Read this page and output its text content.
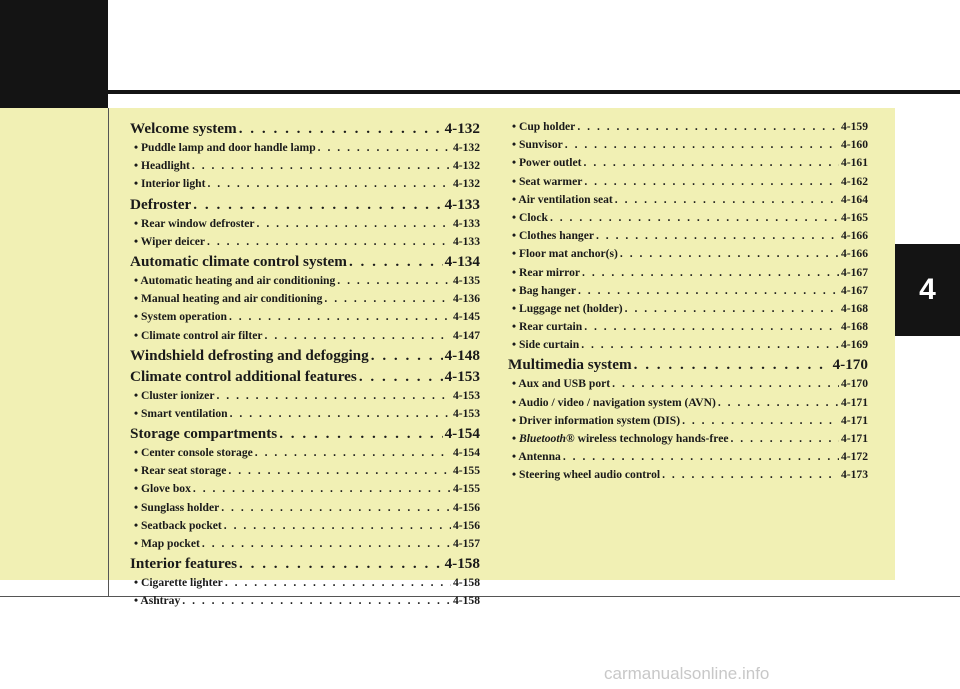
4
Welcome system . . .	4-132
• Puddle lamp and door handle lamp . . .	4-132
• Headlight . . .	4-132
• Interior light . . .	4-132
Defroster . . .	4-133
• Rear window defroster . . .	4-133
• Wiper deicer . . .	4-133
Automatic climate control system . . .	4-134
• Automatic heating and air conditioning . . .	4-135
• Manual heating and air conditioning . . .	4-136
• System operation . . .	4-145
• Climate control air filter . . .	4-147
Windshield defrosting and defogging . . .	4-148
Climate control additional features . . .	4-153
• Cluster ionizer . . .	4-153
• Smart ventilation . . .	4-153
Storage compartments . . .	4-154
• Center console storage . . .	4-154
• Rear seat storage . . .	4-155
• Glove box . . .	4-155
• Sunglass holder . . .	4-156
• Seatback pocket . . .	4-156
• Map pocket . . .	4-157
Interior features . . .	4-158
• Cigarette lighter . . .	4-158
• Ashtray . . .	4-158
• Cup holder . . .	4-159
• Sunvisor . . .	4-160
• Power outlet . . .	4-161
• Seat warmer . . .	4-162
• Air ventilation seat . . .	4-164
• Clock . . .	4-165
• Clothes hanger . . .	4-166
• Floor mat anchor(s) . . .	4-166
• Rear mirror . . .	4-167
• Bag hanger . . .	4-167
• Luggage net (holder) . . .	4-168
• Rear curtain . . .	4-168
• Side curtain . . .	4-169
Multimedia system . . .	4-170
• Aux and USB port . . .	4-170
• Audio / video / navigation system (AVN) . . .	4-171
• Driver information system (DIS) . . .	4-171
• Bluetooth® wireless technology hands-free . . .	4-171
• Antenna . . .	4-172
• Steering wheel audio control . . .	4-173
carmanualsonline.info
